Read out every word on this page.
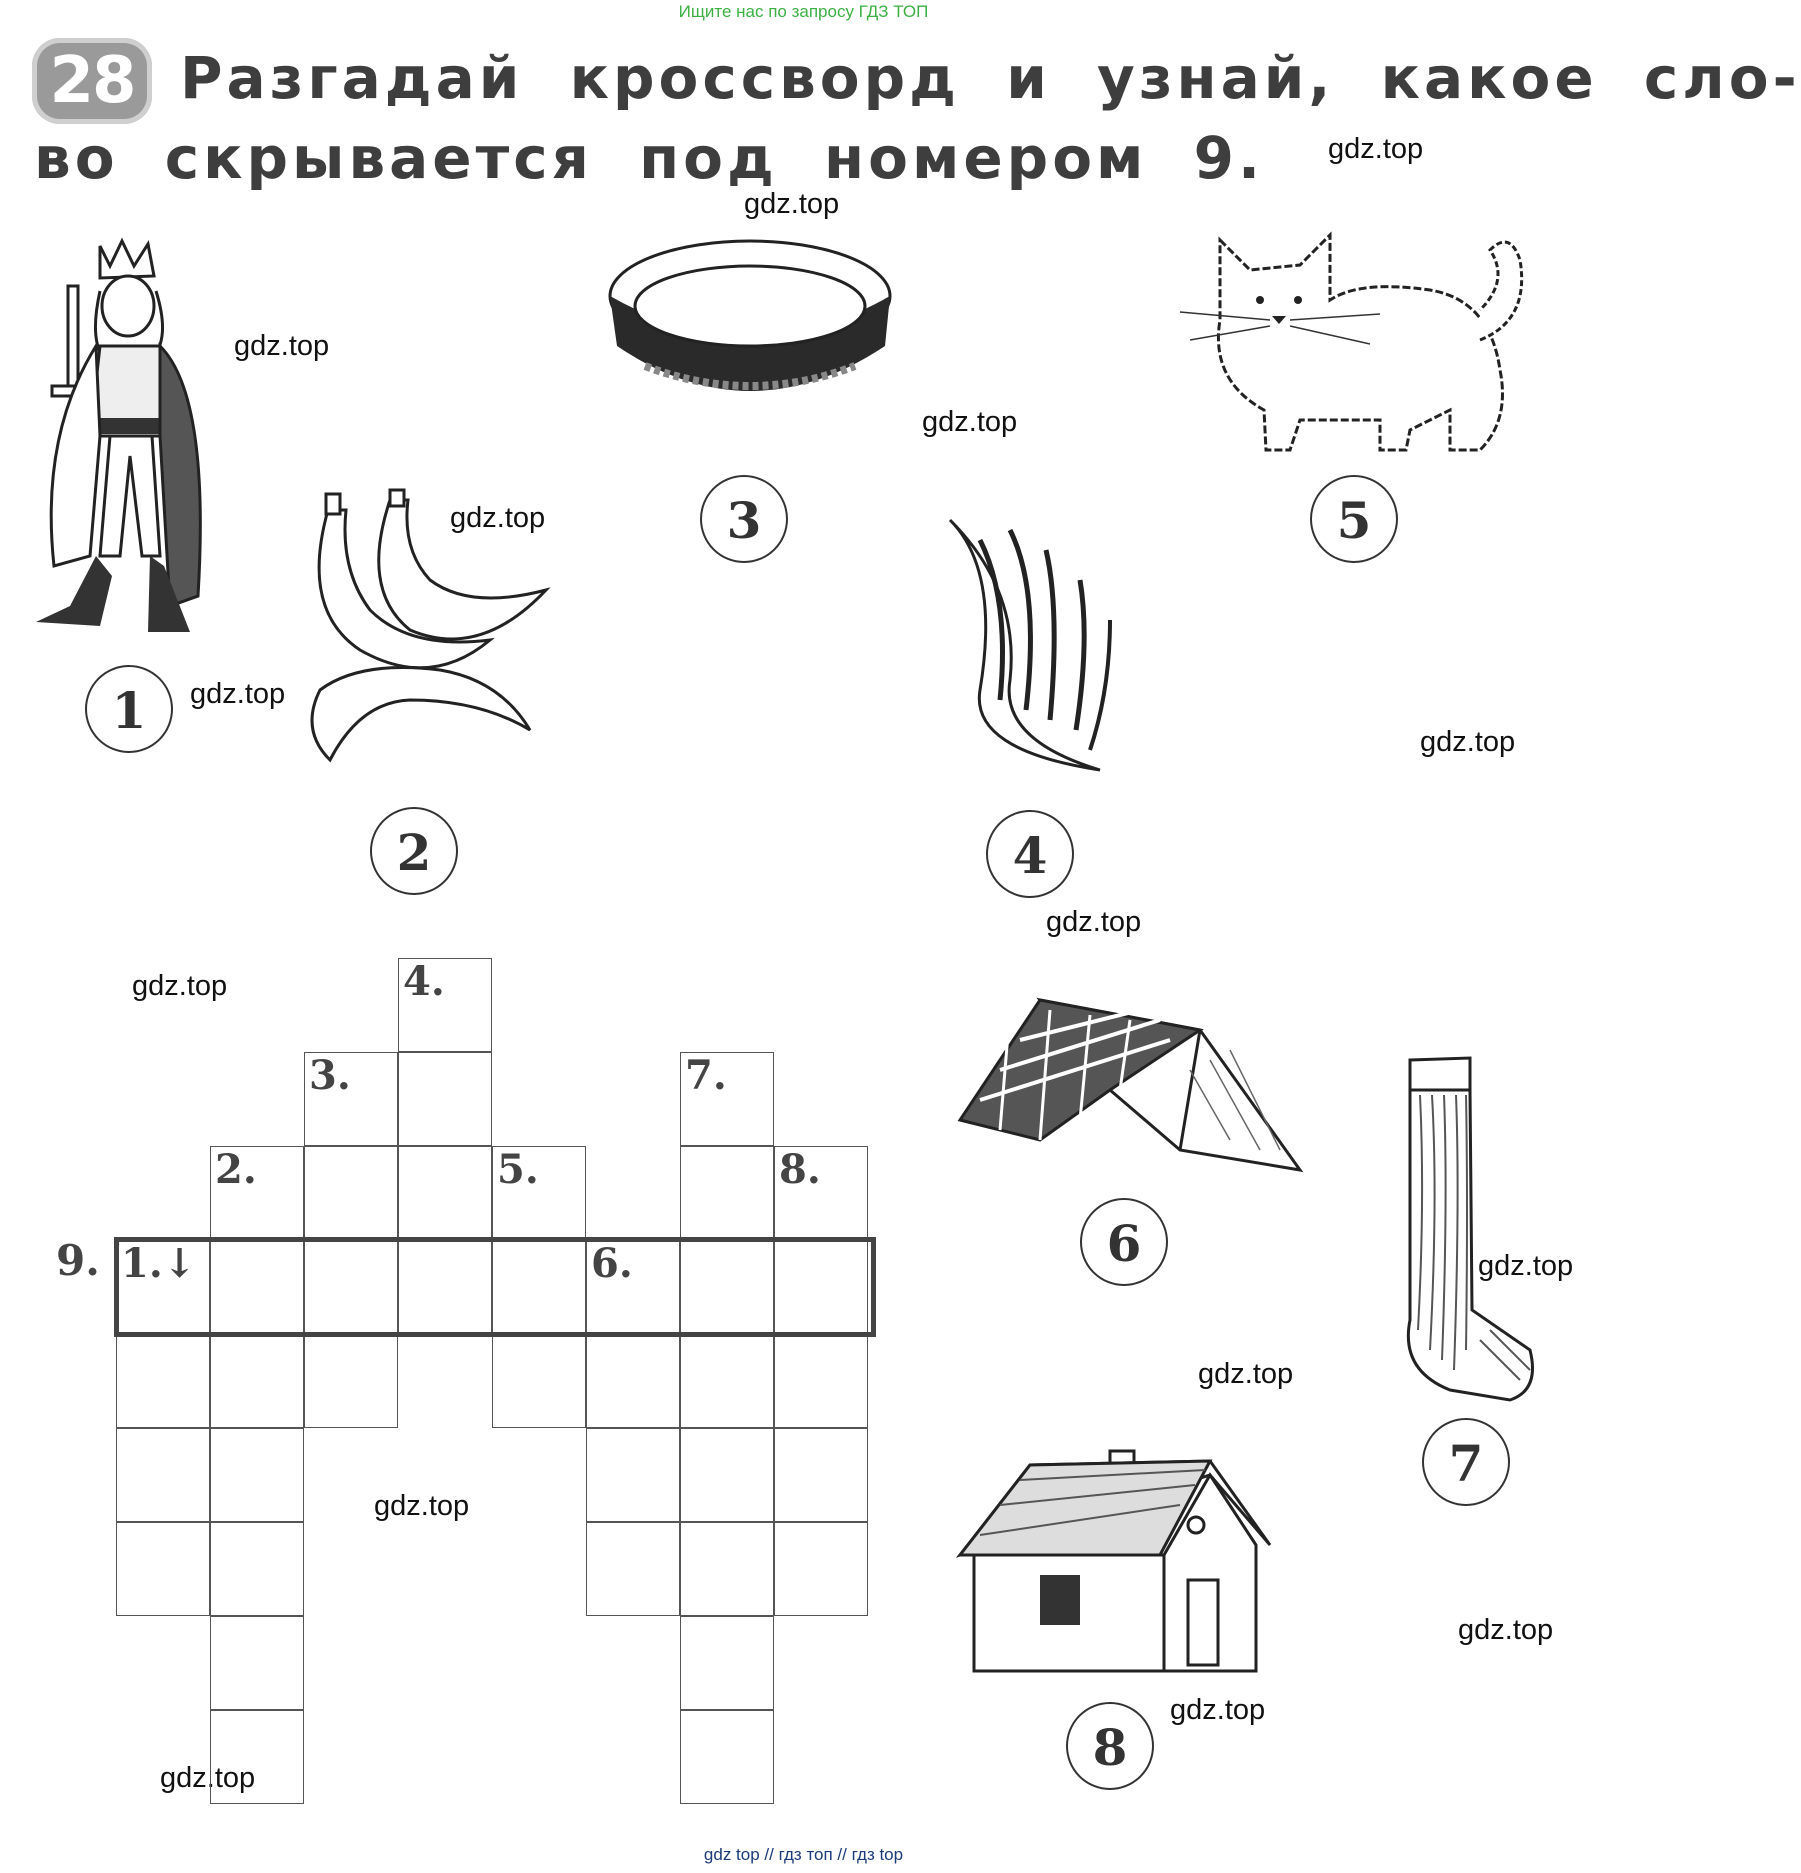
Ищите нас по запросу ГДЗ ТОП
28 Разгадай кроссворд и узнай, какое сло-
во скрывается под номером 9. gdz.top
gdz.top
gdz.top
gdz.top
gdz.top
gdz.top
gdz.top
gdz.top
gdz.top
gdz.top
gdz.top
gdz.top
gdz.top
gdz.top
gdz.top
1
2
3
4
5
6
7
8
1.↓
2.
3.
4.
5.
6.
7.
8.
9.
gdz top // гдз топ // гдз top
